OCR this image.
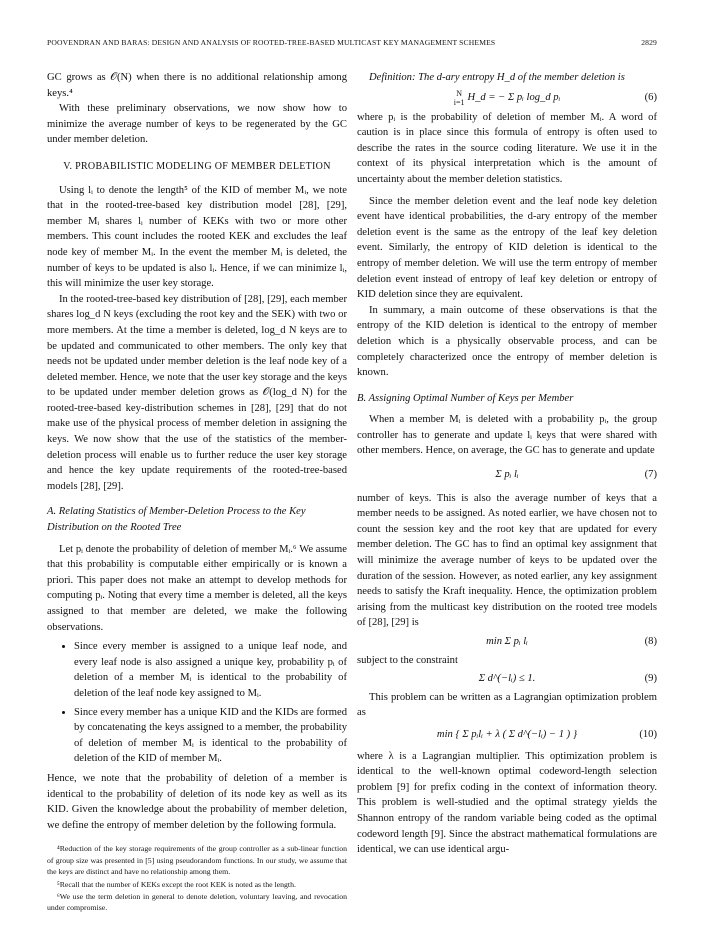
POOVENDRAN AND BARAS: DESIGN AND ANALYSIS OF ROOTED-TREE-BASED MULTICAST KEY MANAGEMENT SCHEMES	2829

GC grows as 𝒪(N) when there is no additional relationship among keys.⁴

With these preliminary observations, we now show how to minimize the average number of keys to be regenerated by the GC under member deletion.

V. PROBABILISTIC MODELING OF MEMBER DELETION

Using lᵢ to denote the length⁵ of the KID of member Mᵢ, we note that in the rooted-tree-based key distribution model [28], [29], member Mᵢ shares lᵢ number of KEKs with two or more other members. This count includes the rooted KEK and excludes the leaf node key of member Mᵢ. In the event the member Mᵢ is deleted, the number of keys to be updated is also lᵢ. Hence, if we can minimize lᵢ, this will minimize the user key storage.

In the rooted-tree-based key distribution of [28], [29], each member shares log_d N keys (excluding the root key and the SEK) with two or more members. At the time a member is deleted, log_d N keys are to be updated and communicated to other members. The only key that needs not be updated under member deletion is the leaf node key of a deleted member. Hence, we note that the user key storage and the keys to be updated under member deletion grows as 𝒪(log_d N) for the rooted-tree-based key-distribution schemes in [28], [29] that do not make use of the physical process of member deletion in assigning the keys. We now show that the use of the statistics of the member-deletion process will enable us to further reduce the user key storage and hence the key update requirements of the rooted-tree-based models [28], [29].

A. Relating Statistics of Member-Deletion Process to the Key Distribution on the Rooted Tree

Let pᵢ denote the probability of deletion of member Mᵢ.⁶ We assume that this probability is computable either empirically or is known a priori. This paper does not make an attempt to develop methods for computing pᵢ. Noting that every time a member is deleted, all the keys assigned to that member are deleted, we make the following observations.

• Since every member is assigned to a unique leaf node, and every leaf node is also assigned a unique key, probability pᵢ of deletion of a member Mᵢ is identical to the probability of deletion of the leaf node key assigned to Mᵢ.
• Since every member has a unique KID and the KIDs are formed by concatenating the keys assigned to a member, the probability of deletion of member Mᵢ is identical to the probability of deletion of the KID of member Mᵢ.

Hence, we note that the probability of deletion of a member is identical to the probability of deletion of its node key as well as its KID. Given the knowledge about the probability of member deletion, we define the entropy of member deletion by the following formula.

⁴Reduction of the key storage requirements of the group controller as a sub-linear function of group size was presented in [5] using pseudorandom functions. In our study, we assume that the keys are distinct and have no relationship among them.
⁵Recall that the number of KEKs except the root KEK is noted as the length.
⁶We use the term deletion in general to denote deletion, voluntary leaving, and revocation under compromise.

Definition: The d-ary entropy H_d of the member deletion is

N
i=1 H_d = − Σ pᵢ log_d pᵢ	(6)

where pᵢ is the probability of deletion of member Mᵢ. A word of caution is in place since this formula of entropy is often used to describe the rates in the source coding literature. We use it in the context of its physical interpretation which is the amount of uncertainty about the member deletion statistics.

Since the member deletion event and the leaf node key deletion event have identical probabilities, the d-ary entropy of the member deletion event is the same as the entropy of the leaf key deletion event. Similarly, the entropy of KID deletion is identical to the entropy of member deletion. We will use the term entropy of member deletion event instead of entropy of leaf key deletion or entropy of KID deletion since they are equivalent.

In summary, a main outcome of these observations is that the entropy of the KID deletion is identical to the entropy of member deletion which is a physically observable process, and can be completely characterized once the entropy of member deletion is known.

B. Assigning Optimal Number of Keys per Member

When a member Mᵢ is deleted with a probability pᵢ, the group controller has to generate and update lᵢ keys that were shared with other members. Hence, on average, the GC has to generate and update

Σ pᵢ lᵢ	(7)

number of keys. This is also the average number of keys that a member needs to be assigned. As noted earlier, we have chosen not to count the session key and the root key that are updated for every member deletion. The GC has to find an optimal key assignment that will minimize the average number of keys to be updated over the duration of the session. However, as noted earlier, any key assignment needs to satisfy the Kraft inequality. Hence, the optimization problem arising from the multicast key distribution on the rooted tree models of [28], [29] is

min Σ pᵢ lᵢ	(8)

subject to the constraint

Σ d^(−lᵢ) ≤ 1.	(9)

This problem can be written as a Lagrangian optimization problem as

min { Σ pᵢlᵢ + λ ( Σ d^(−lᵢ) − 1 ) }	(10)

where λ is a Lagrangian multiplier. This optimization problem is identical to the well-known optimal codeword-length selection problem [9] for prefix coding in the context of information theory. This problem is well-studied and the optimal strategy yields the Shannon entropy of the random variable being coded as the optimal codeword length [9]. Since the abstract mathematical formulations are identical, we can use identical argu-
